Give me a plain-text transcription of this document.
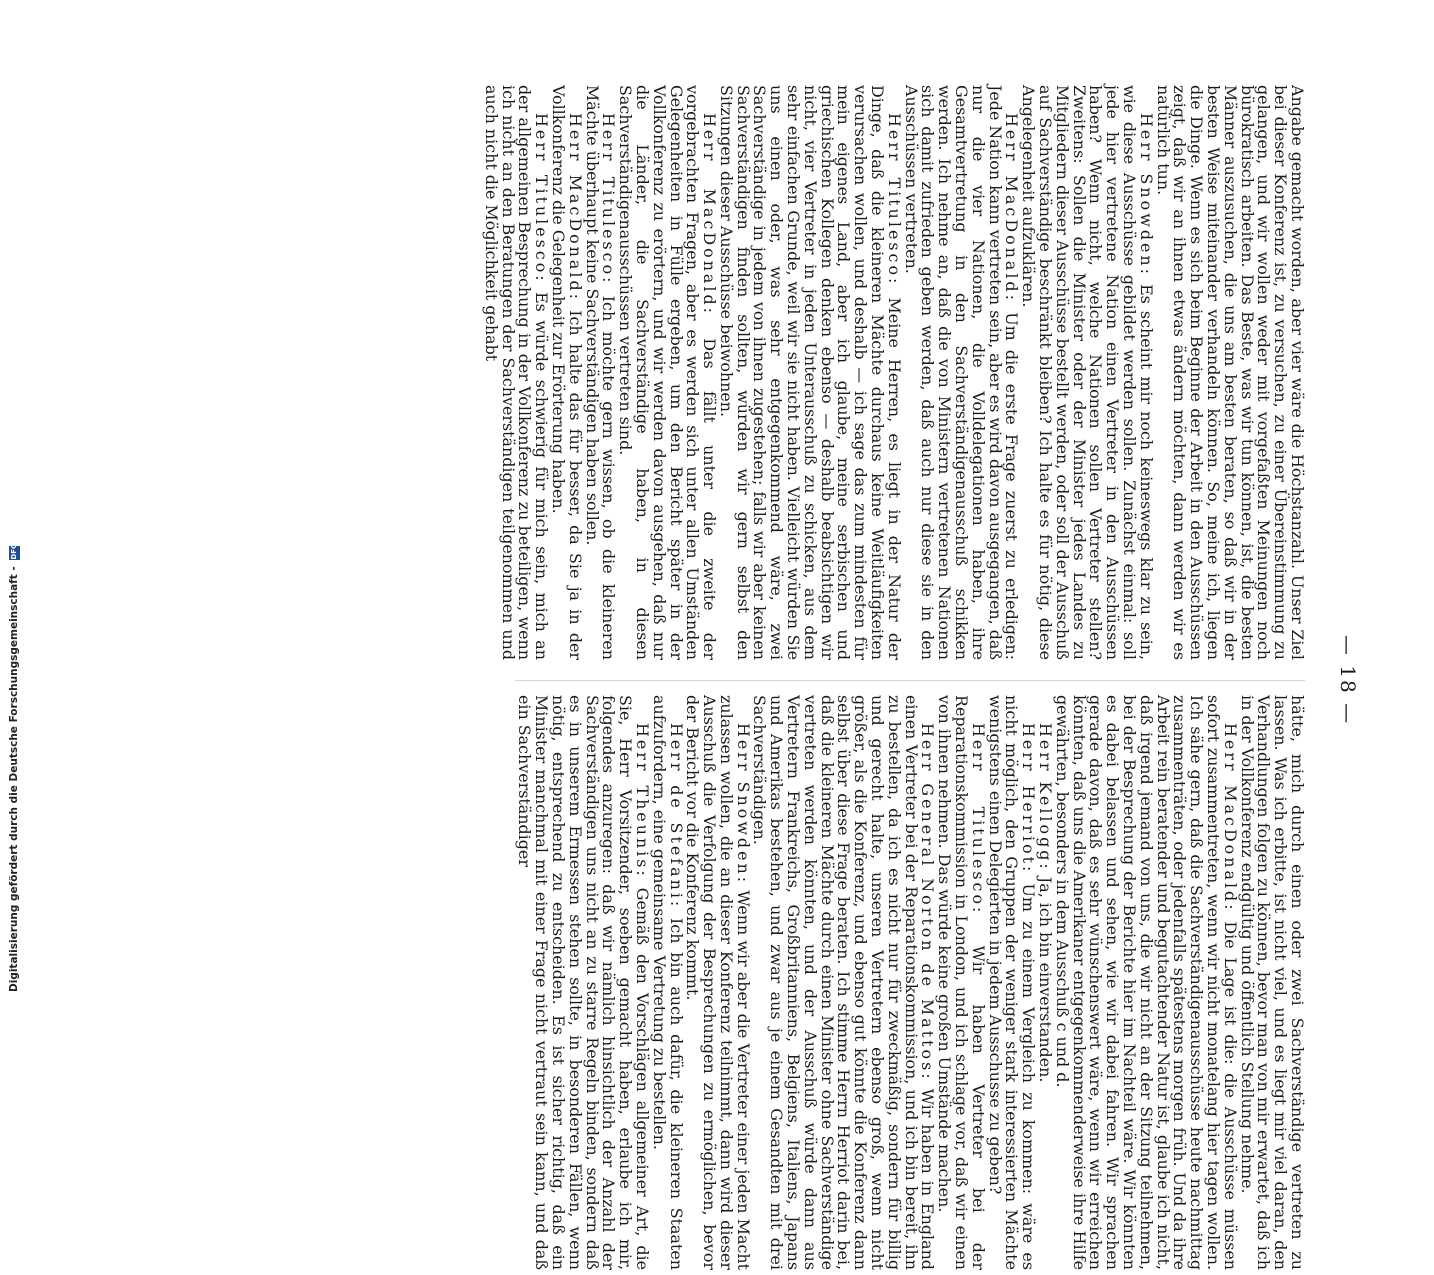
— 18 —

Angabe gemacht worden, aber vier wäre die Höchstanzahl. Unser Ziel bei dieser Konferenz ist, zu versuchen, zu einer Übereinstimmung zu gelangen, und wir wollen weder mit vorgefaßten Meinungen noch bürokratisch arbeiten. Das Beste, was wir tun können, ist, die besten Männer auszusuchen, die uns am besten beraten, so daß wir in der besten Weise miteinander verhandeln können. So, meine ich, liegen die Dinge. Wenn es sich beim Beginne der Arbeit in den Ausschüssen zeigt, daß wir an ihnen etwas ändern möchten, dann werden wir es natürlich tun.

Herr Snowden: Es scheint mir noch keineswegs klar zu sein, wie diese Ausschüsse gebildet werden sollen. Zunächst einmal: soll jede hier vertretene Nation einen Vertreter in den Ausschüssen haben? Wenn nicht, welche Nationen sollen Vertreter stellen? Zweitens: Sollen die Minister oder der Minister jedes Landes zu Mitgliedern dieser Ausschüsse bestellt werden, oder soll der Ausschuß auf Sachverständige beschränkt bleiben? Ich halte es für nötig, diese Angelegenheit aufzuklären.

Herr MacDonald: Um die erste Frage zuerst zu erledigen: Jede Nation kann vertreten sein, aber es wird davon ausgegangen, daß nur die vier Nationen, die Volldelegationen haben, ihre Gesamtvertretung in den Sachverständigenausschuß schikken werden. Ich nehme an, daß die von Ministern vertretenen Nationen sich damit zufrieden geben werden, daß auch nur diese sie in den Ausschüssen vertreten.

Herr Titulesco: Meine Herren, es liegt in der Natur der Dinge, daß die kleineren Mächte durchaus keine Weitläufigkeiten verursachen wollen, und deshalb — ich sage das zum mindesten für mein eigenes Land, aber ich glaube, meine serbischen und griechischen Kollegen denken ebenso — deshalb beabsichtigen wir nicht, vier Vertreter in jeden Unterausschuß zu schicken, aus dem sehr einfachen Grunde, weil wir sie nicht haben. Vielleicht würden Sie uns einen oder, was sehr entgegenkommend wäre, zwei Sachverständige in jedem von ihnen zugestehen; falls wir aber keinen Sachverständigen finden sollten, würden wir gern selbst den Sitzungen dieser Ausschüsse beiwohnen.

Herr MacDonald: Das fällt unter die zweite der vorgebrachten Fragen, aber es werden sich unter allen Umständen Gelegenheiten in Fülle ergeben, um den Bericht später in der Vollkonferenz zu erörtern, und wir werden davon ausgehen, daß nur die Länder, die Sachverständige haben, in diesen Sachverständigenausschüssen vertreten sind.

Herr Titulesco: Ich möchte gern wissen, ob die kleineren Mächte überhaupt keine Sachverständigen haben sollen.

Herr MacDonald: Ich halte das für besser, da Sie ja in der Vollkonferenz die Gelegenheit zur Erörterung haben.

Herr Titulesco: Es würde schwierig für mich sein, mich an der allgemeinen Besprechung in der Vollkonferenz zu beteiligen, wenn ich nicht an den Beratungen der Sachverständigen teilgenommen und auch nicht die Möglichkeit gehabt

hätte, mich durch einen oder zwei Sachverständige vertreten zu lassen. Was ich erbitte, ist nicht viel, und es liegt mir viel daran, den Verhandlungen folgen zu können, bevor man von mir erwartet, daß ich in der Vollkonferenz endgültig und öffentlich Stellung nehme.

Herr MacDonald: Die Lage ist die: die Ausschüsse müssen sofort zusammentreten, wenn wir nicht monatelang hier tagen wollen. Ich sähe gern, daß die Sachverständigenausschüsse heute nachmittag zusammenträten, oder jedenfalls spätestens morgen früh. Und da ihre Arbeit rein beratender und begutachtender Natur ist, glaube ich nicht, daß irgend jemand von uns, die wir nicht an der Sitzung teilnehmen, bei der Besprechung der Berichte hier im Nachteil wäre. Wir könnten es dabei belassen und sehen, wie wir dabei fahren. Wir sprachen gerade davon, daß es sehr wünschenswert wäre, wenn wir erreichen könnten, daß uns die Amerikaner entgegenkommenderweise ihre Hilfe gewährten, besonders in dem Ausschuß c und d.

Herr Kellogg: Ja, ich bin einverstanden.

Herr Herriot: Um zu einem Vergleich zu kommen: wäre es nicht möglich, den Gruppen der weniger stark interessierten Mächte wenigstens einen Delegierten in jedem Ausschusse zu geben?

Herr Titulesco: Wir haben Vertreter bei der Reparationskommission in London, und ich schlage vor, daß wir einen von ihnen nehmen. Das würde keine großen Umstände machen.

Herr General Norton de Mattos: Wir haben in England einen Vertreter bei der Reparationskommission, und ich bin bereit, ihn zu bestellen, da ich es nicht nur für zweckmäßig, sondern für billig und gerecht halte, unseren Vertretern ebenso groß, wenn nicht größer, als die Konferenz, und ebenso gut könnte die Konferenz dann selbst über diese Frage beraten. Ich stimme Herrn Herriot darin bei, daß die kleineren Mächte durch einen Minister ohne Sachverständige vertreten werden könnten, und der Ausschuß würde dann aus Vertretern Frankreichs, Großbritanniens, Belgiens, Italiens, Japans und Amerikas bestehen, und zwar aus je einem Gesandten mit drei Sachverständigen.

Herr Snowden: Wenn wir aber die Vertreter einer jeden Macht zulassen wollen, die an dieser Konferenz teilnimmt, dann wird dieser Ausschuß die Verfolgung der Besprechungen zu ermöglichen, bevor der Bericht vor die Konferenz kommt.

Herr de Stefani: Ich bin auch dafür, die kleineren Staaten aufzufordern, eine gemeinsame Vertretung zu bestellen.

Herr Theunis: Gemäß den Vorschlägen allgemeiner Art, die Sie, Herr Vorsitzender, soeben gemacht haben, erlaube ich mir, folgendes anzuregen: daß wir nämlich hinsichtlich der Anzahl der Sachverständigen uns nicht an zu starre Regeln binden, sondern daß es in unserem Ermessen stehen sollte, in besonderen Fällen, wenn nötig, entsprechend zu entscheiden. Es ist sicher richtig, daß ein Minister manchmal mit einer Frage nicht vertraut sein kann, und daß ein Sachverständiger

Digitalisierung gefördert durch die Deutsche Forschungsgemeinschaft - DFG
